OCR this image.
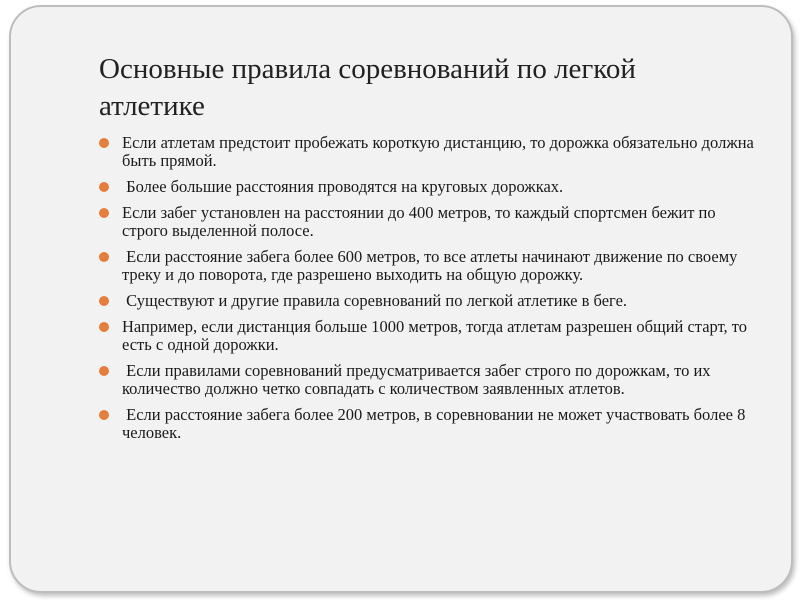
Основные правила соревнований по легкой атлетике
Если атлетам предстоит пробежать короткую дистанцию, то дорожка обязательно должна быть прямой.
Более большие расстояния проводятся на круговых дорожках.
Если забег установлен на расстоянии до 400 метров, то каждый спортсмен бежит по строго выделенной полосе.
Если расстояние забега более 600 метров, то все атлеты начинают движение по своему треку и до поворота, где разрешено выходить на общую дорожку.
Сущеcтвуют и другие правила соревнований по легкой атлетике в беге.
Например, если дистанция больше 1000 метров, тогда атлетам разрешен общий старт, то есть с одной дорожки.
Если правилами соревнований предусматривается забег строго по дорожкам, то их количество должно четко совпадать с количеством заявленных атлетов.
Если расстояние забега более 200 метров, в соревновании не может участвовать более 8 человек.
